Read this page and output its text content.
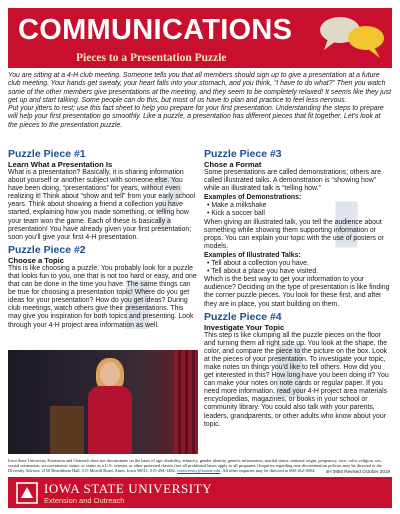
COMMUNICATIONS
Pieces to a Presentation Puzzle

You are sitting at a 4-H club meeting. Someone tells you that all members should sign up to give a presentation at a future club meeting. Your hands get sweaty, your heart falls into your stomach, and you think, “I have to do what?” Then you watch some of the other members give presentations at the meeting, and they seem to be completely relaxed! It seems like they just get up and start talking. Some people can do this, but most of us have to plan and practice to feel less nervous.

Put your jitters to rest; use this fact sheet to help you prepare for your first presentation. Understanding the steps to prepare will help your first presentation go smoothly. Like a puzzle, a presentation has different pieces that fit together. Let’s look at the pieces to the presentation puzzle.

?
▮
▮
▮
Puzzle Piece #1
Learn What a Presentation Is

What is a presentation? Basically, it is sharing information about yourself or another subject with someone else. You have been doing, “presentations” for years, without even realizing it! Think about “show and tell” from your early school years. Think about showing a friend a collection you have started, explaining how you made something, or telling how your team won the game. Each of these is basically a presentation! You have already given your first presentation; soon you’ll give your first 4-H presentation.

Puzzle Piece #2
Choose a Topic

This is like choosing a puzzle. You probably look for a puzzle that looks fun to you, one that is not too hard or easy, and one that can be done in the time you have. The same things can be true for choosing a presentation topic! Where do you get ideas for your presentation? How do you get ideas? During club meetings, watch others give their presentations. This may give you inspiration for both topics and presenting. Look through your 4-H project area information as well.

Puzzle Piece #3
Chose a Format

Some presentations are called demonstrations; others are called illustrated talks. A demonstration is “showing how” while an illustrated talk is “telling how.”

Examples of Demonstrations:
• Make a milkshake
• Kick a soccer ball

When giving an illustrated talk, you tell the audience about something while showing them supporting information or props. You can explain your topic with the use of posters or models.

Examples of Illustrated Talks:
• Tell about a collection you have.
• Tell about a place you have visited.

Which is the best way to get your information to your audience? Deciding on the type of presentation is like finding the corner puzzle pieces. You look for these first, and after they are in place, you start building on them.

Puzzle Piece #4
Investigate Your Topic

This step is like clumping all the puzzle pieces on the floor and turning them all right side up. You look at the shape, the color, and compare the piece to the picture on the box. Look at the pieces of your presentation. To investigate your topic, make notes on things you’d like to tell others. How did you get interested in this? How long have you been doing it? You can make your notes on note cards or regular paper. If you need more information, read your 4-H project area materials encyclopedias, magazines, or books in your school or community library. You could also talk with your parents, leaders, grandparents, or other adults who know about your topic.

Iowa State University Extension and Outreach does not discriminate on the basis of age, disability, ethnicity, gender identity, genetic information, marital status, national origin, pregnancy, race, color, religion, sex, sexual orientation, socioeconomic status, or status as a U.S. veteran, or other protected classes (not all prohibited bases apply to all programs.) Inquiries regarding non-discrimination policies may be directed to the Diversity Advisor, 2150 Beardshear Hall, 515 Morrill Road, Ames, Iowa 50011, 515-294-1482, extdiversity@iastate.edu. All other inquiries may be directed to 800-262-3804.	4H 0850 Revised October 2019
IOWA STATE UNIVERSITY
Extension and Outreach
